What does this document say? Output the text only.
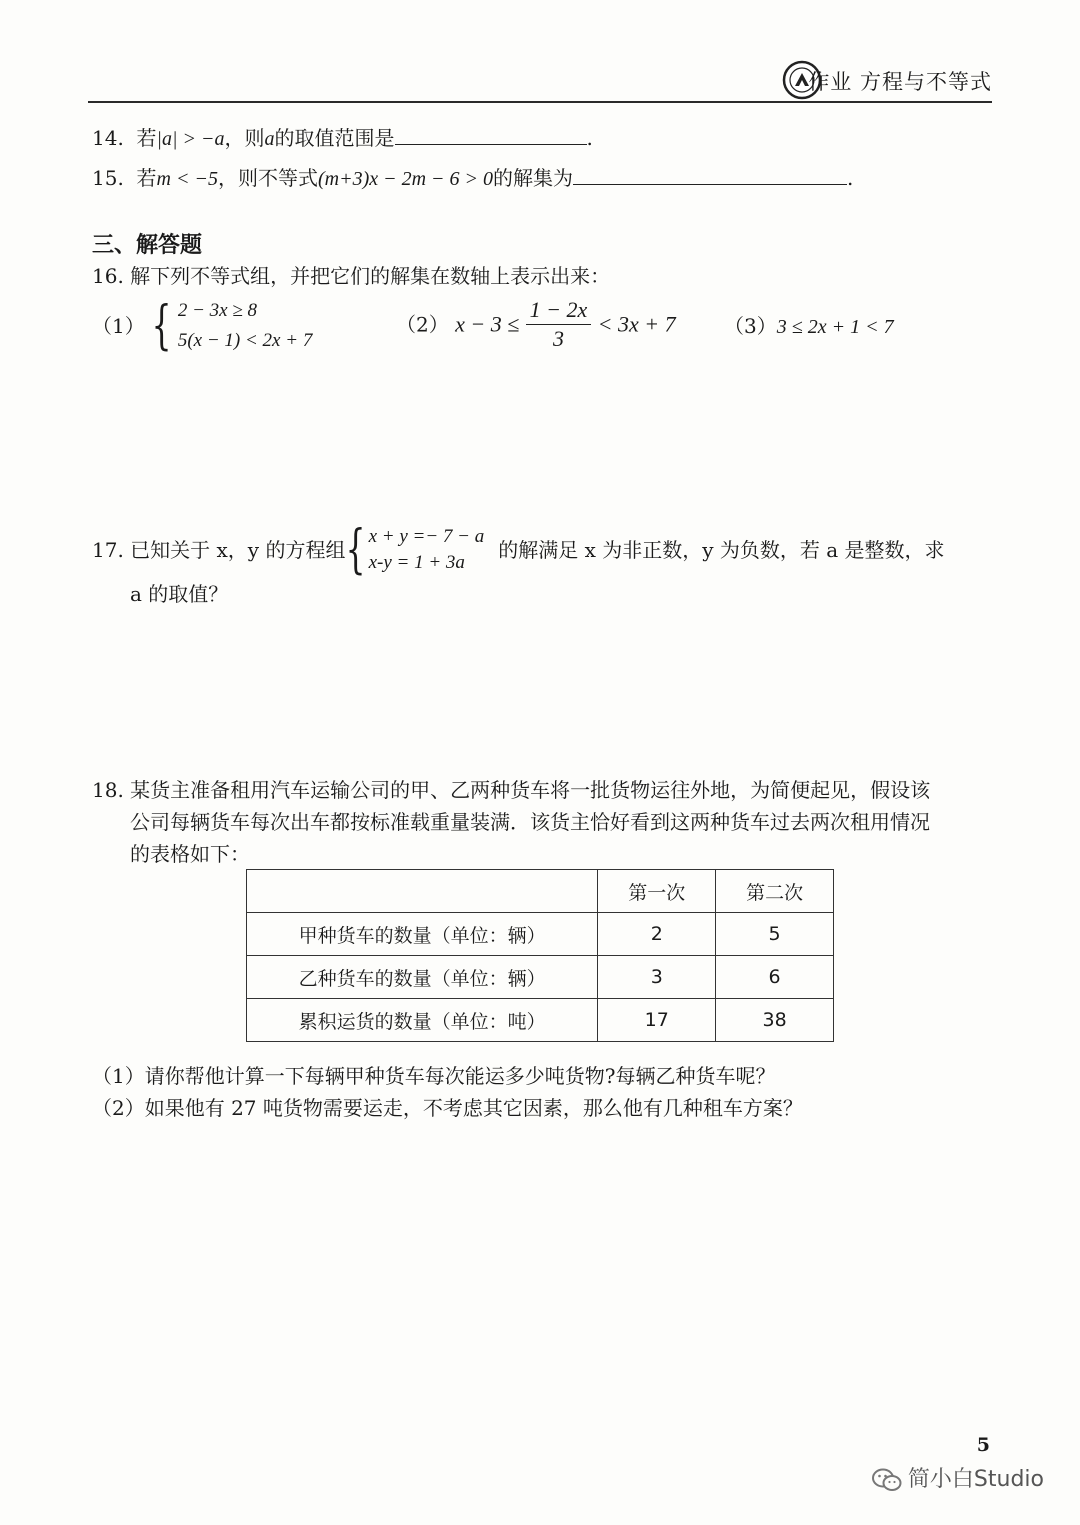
作业 方程与不等式
14. 若|a| > −a，则a的取值范围是	.
15. 若m < −5，则不等式(m+3)x − 2m − 6 > 0的解集为	.
三、解答题
16. 解下列不等式组，并把它们的解集在数轴上表示出来：
（1） { 2 − 3x ≥ 8
5(x − 1) < 2x + 7
（2） $x - 3 \le \frac{1 - 2x}{3} < 3x + 7$ （3）3 ≤ 2x + 1 < 7
17. 已知关于 x，y 的方程组{ x + y =− 7 − a
x-y = 1 + 3a
的解满足 x 为非正数，y 为负数，若 a 是整数，求
a 的取值？
18. 某货主准备租用汽车运输公司的甲、乙两种货车将一批货物运往外地，为简便起见，假设该
公司每辆货车每次出车都按标准载重量装满．该货主恰好看到这两种货车过去两次租用情况
的表格如下：
	第一次	第二次
甲种货车的数量（单位：辆）	2	5
乙种货车的数量（单位：辆）	3	6
累积运货的数量（单位：吨）	17	38
（1）请你帮他计算一下每辆甲种货车每次能运多少吨货物?每辆乙种货车呢？
（2）如果他有 27 吨货物需要运走，不考虑其它因素，那么他有几种租车方案？
5
简小白Studio
